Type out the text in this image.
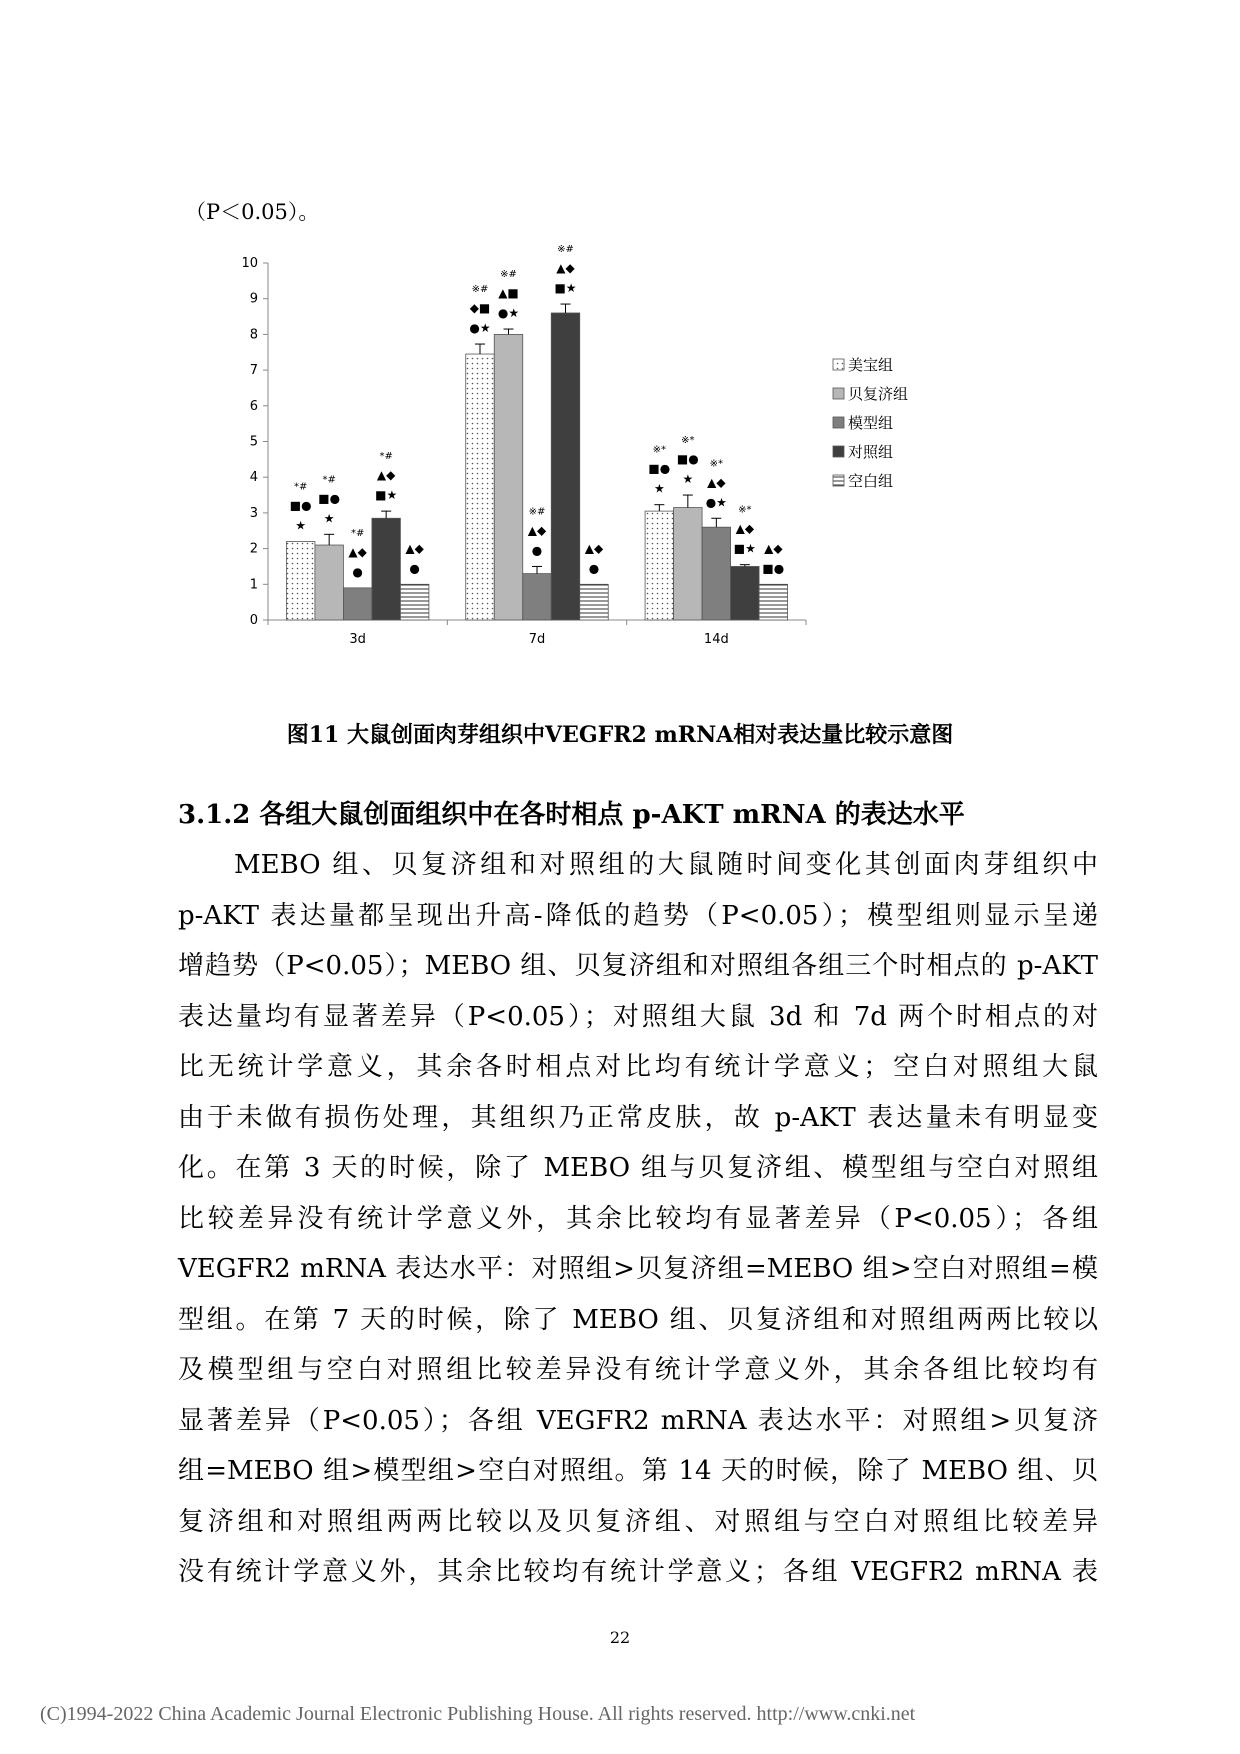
（P＜0.05）。
0
1
2
3
4
5
6
7
8
9
10
3d
*#
■●
★
*#
■●
★
*#
▲◆
●
*#
▲◆
■★
▲◆
●
7d
※#
◆■
●★
※#
▲■
●★
※#
▲◆
●
※#
▲◆
■★
▲◆
●
14d
※*
■●
★
※*
■●
★
※*
▲◆
●★
※*
▲◆
■★ ▲◆
■●
美宝组
贝复济组
模型组
对照组
空白组
图11 大鼠创面肉芽组织中VEGFR2 mRNA相对表达量比较示意图
3.1.2 各组大鼠创面组织中在各时相点 p-AKT mRNA 的表达水平
MEBO 组、贝复济组和对照组的大鼠随时间变化其创面肉芽组织中
p-AKT 表达量都呈现出升高-降低的趋势（P<0.05）；模型组则显示呈递
增趋势（P<0.05）；MEBO 组、贝复济组和对照组各组三个时相点的 p-AKT
表达量均有显著差异（P<0.05）；对照组大鼠 3d 和 7d 两个时相点的对
比无统计学意义，其余各时相点对比均有统计学意义；空白对照组大鼠
由于未做有损伤处理，其组织乃正常皮肤，故 p-AKT 表达量未有明显变
化。在第 3 天的时候，除了 MEBO 组与贝复济组、模型组与空白对照组
比较差异没有统计学意义外，其余比较均有显著差异（P<0.05）；各组
VEGFR2 mRNA 表达水平：对照组>贝复济组=MEBO 组>空白对照组=模
型组。在第 7 天的时候，除了 MEBO 组、贝复济组和对照组两两比较以
及模型组与空白对照组比较差异没有统计学意义外，其余各组比较均有
显著差异（P<0.05）；各组 VEGFR2 mRNA 表达水平：对照组>贝复济
组=MEBO 组>模型组>空白对照组。第 14 天的时候，除了 MEBO 组、贝
复济组和对照组两两比较以及贝复济组、对照组与空白对照组比较差异
没有统计学意义外，其余比较均有统计学意义；各组 VEGFR2 mRNA 表
22
(C)1994-2022 China Academic Journal Electronic Publishing House. All rights reserved. http://www.cnki.net
